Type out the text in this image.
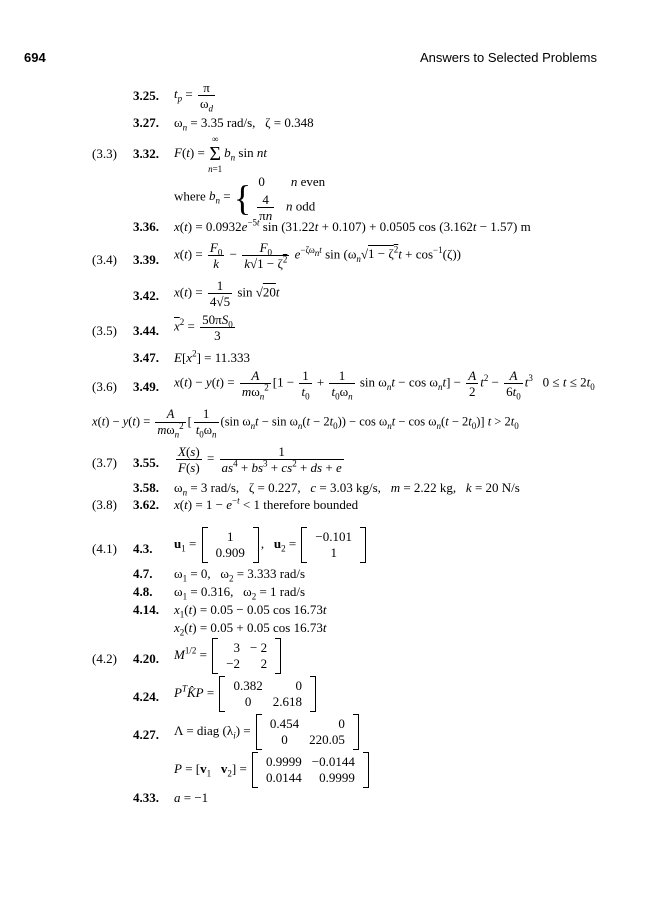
694	Answers to Selected Problems
3.25. $t_p = \frac{\pi}{\omega_d}$
3.27. $\omega_n = 3.35$ rad/s,   ζ = 0.348
(3.3) 3.32. F(t) =
∞
Σ
n=1
$b_n$ sin nt
where $b_n$ = { 0        n even
$\frac{4}{\pi n}$ n odd
3.36. $x(t) = 0.0932e^{-5t}$ sin (31.22t + 0.107) + 0.0505 cos (3.162t − 1.57) m
(3.4) 3.39. $x(t) = \frac{F_0}{k} - \frac{F_0}{k√1 - \zeta^2} e^{-\zeta\omega_nt}$ $\sin (\omega_n√1 - \zeta^2t + \cos^{-1}(\zeta))$
3.42. $x(t) = \frac{1}{4√5}$ sin √20t
(3.5) 3.44. $\overline{x}^2 = \frac{50\pi S_0}{3}$
3.47. $E[x^2] = 11.333$
(3.6) 3.49. $x(t) - y(t) = \frac{A}{m\omega_n^2} [1 - \frac{1}{t_0} + \frac{1}{t_0\omega_n}$ $\sin \omega_nt - \cos \omega_nt] - \frac{A}{2} t^2 - \frac{A}{6t_0} t^3$   $0 \le t \le 2t_0$
$x(t) - y(t) = \frac{A}{m\omega_n^2}$ [ $\frac{1}{t_0\omega_n} (\sin$ $\omega_nt - \sin \omega_n(t - 2t_0)) - \cos \omega_nt - \cos \omega_n(t - 2t_0)$] $t > 2t_0$
(3.7) 3.55. $\frac{X(s)}{F(s)} = \frac{1}{as^4 + bs^3 + cs^2 + ds + e}$
3.58. $\omega_n = 3$ rad/s,   ζ = 0.227,   c = 3.03 kg/s,   m = 2.22 kg,   k = 20 N/s
(3.8) 3.62. $x(t) = 1 - e^{-t} < 1$ therefore bounded
(4.1) 4.3. $u_1 = 1$
0.909
,   $u_2 = -0.101$
1
4.7. $\omega_1 = 0$,   $\omega_2 = 3.333$ rad/s
4.8. $\omega_1 = 0.316$,   $\omega_2 = 1$ rad/s
4.14. $x_1(t) = 0.05 - 0.05$ cos 16.73t
$x_2(t) = 0.05 + 0.05$ cos 16.73t
(4.2) 4.20. $M^{1/2} = 3$	− 2
−2	2
4.24. $P^TK̂P = 0.382$	0
0	2.618
4.27. Λ = diag $(\lambda_i) = 0.454$	0
0	220.05
$P = [v_1$ $v_2] = 0.9999$	−0.0144
0.0144	0.9999
4.33. a = −1
